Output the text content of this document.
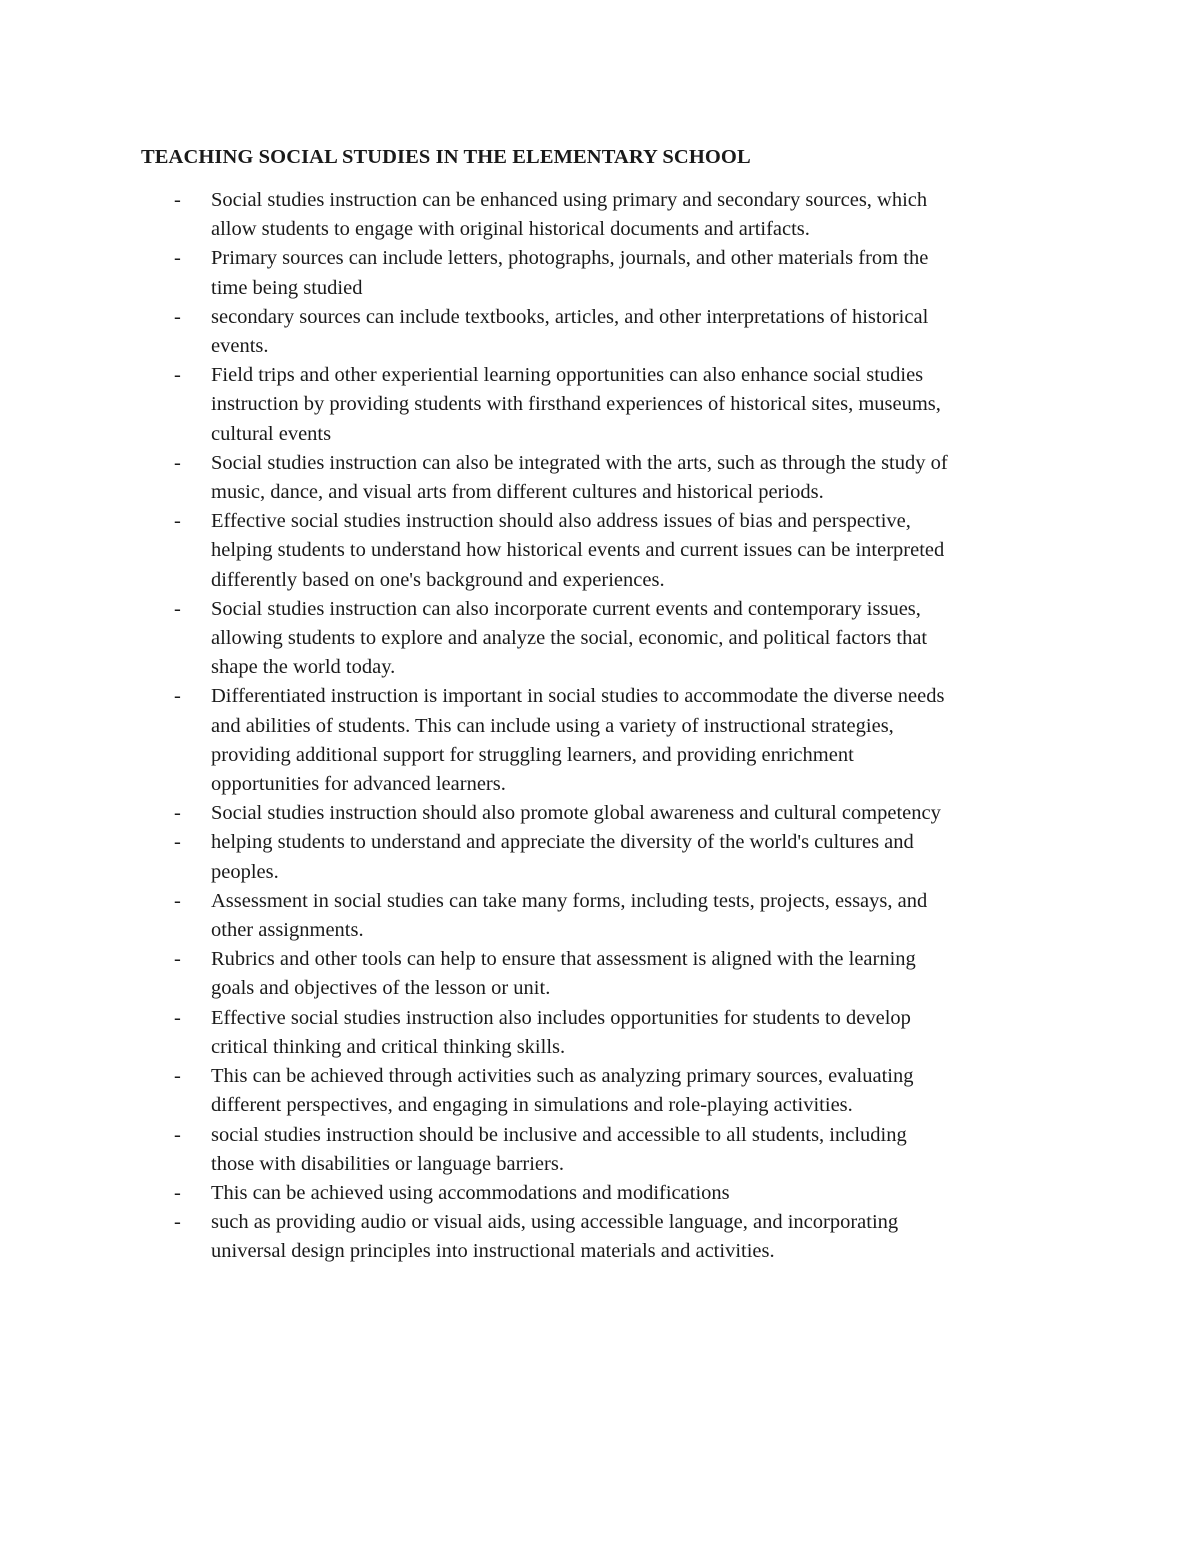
TEACHING SOCIAL STUDIES IN THE ELEMENTARY SCHOOL
-	Social studies instruction can be enhanced using primary and secondary sources, which
allow students to engage with original historical documents and artifacts.
-	Primary sources can include letters, photographs, journals, and other materials from the
time being studied
-	secondary sources can include textbooks, articles, and other interpretations of historical
events.
-	Field trips and other experiential learning opportunities can also enhance social studies
instruction by providing students with firsthand experiences of historical sites, museums,
cultural events
-	Social studies instruction can also be integrated with the arts, such as through the study of
music, dance, and visual arts from different cultures and historical periods.
-	Effective social studies instruction should also address issues of bias and perspective,
helping students to understand how historical events and current issues can be interpreted
differently based on one's background and experiences.
-	Social studies instruction can also incorporate current events and contemporary issues,
allowing students to explore and analyze the social, economic, and political factors that
shape the world today.
-	Differentiated instruction is important in social studies to accommodate the diverse needs
and abilities of students. This can include using a variety of instructional strategies,
providing additional support for struggling learners, and providing enrichment
opportunities for advanced learners.
-	Social studies instruction should also promote global awareness and cultural competency
-	helping students to understand and appreciate the diversity of the world's cultures and
peoples.
-	Assessment in social studies can take many forms, including tests, projects, essays, and
other assignments.
-	Rubrics and other tools can help to ensure that assessment is aligned with the learning
goals and objectives of the lesson or unit.
-	Effective social studies instruction also includes opportunities for students to develop
critical thinking and critical thinking skills.
-	This can be achieved through activities such as analyzing primary sources, evaluating
different perspectives, and engaging in simulations and role-playing activities.
-	social studies instruction should be inclusive and accessible to all students, including
those with disabilities or language barriers.
-	This can be achieved using accommodations and modifications
-	such as providing audio or visual aids, using accessible language, and incorporating
universal design principles into instructional materials and activities.
